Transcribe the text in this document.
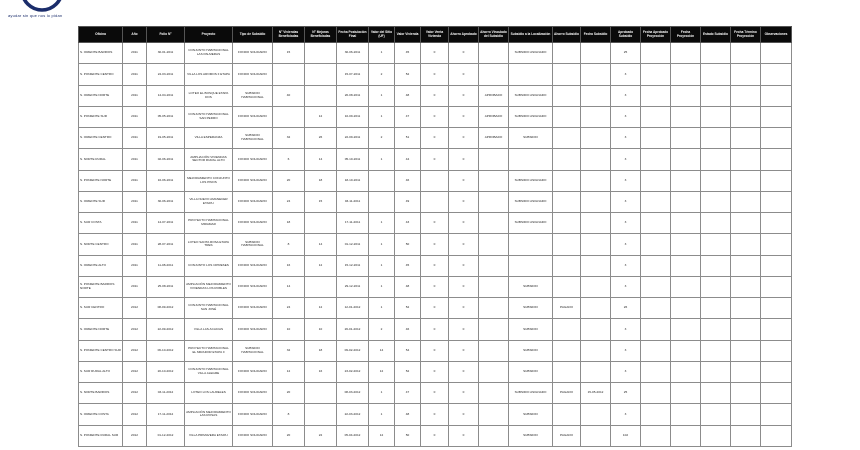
ayudar sin que nos lo pidan
Oficina	Año	Folio N°	Proyecto	Tipo de Subsidio	N° Viviendas Beneficiadas	N° Mejoras Beneficiadas	Fecha Postulación Final	Valor del Sitio (UF)	Valor Vivienda	Valor Venta Vivienda	Ahorro Aprobado	Ahorro Vinculado del Subsidio	Subsidio a la Localización	Ahorro Subsidio	Fecha Subsidio	Aprobado Subsidio	Fecha Aprobado Proyección	Fecha Proyección	Estado Subsidio	Fecha Término Proyección	Observaciones
S. ORIENTE BARRIOS	2011	30-01-2011	CONJUNTO HABITACIONAL LAS PALMERAS	FONDO SOLIDARIO	15		30-06-2011	1	45	0	0		SUBSIDIO ASIGNADO			25					
S. PONIENTE CENTRO	2011	24-03-2011	VILLA LOS AROMOS II ETAPA	FONDO SOLIDARIO			15-07-2011	2	52	0	0					3					
S. ORIENTE NORTE	2011	14-04-2011	LOTEO EL BOSQUE ETAPA DOS	SUBSIDIO HABITACIONAL	40		20-08-2011	1	48	0	0	APROBADO	SUBSIDIO ASIGNADO			3					
S. PONIENTE SUR	2011	05-05-2011	CONJUNTO HABITACIONAL SAN PEDRO	FONDO SOLIDARIO		12	10-09-2011	1	47	0	0	APROBADO	SUBSIDIO ASIGNADO			3					
S. ORIENTE CENTRO	2011	19-05-2011	VILLA ESPERANZA	SUBSIDIO HABITACIONAL	32	26	22-09-2011	2	51	0	0	APROBADO	SUBSIDIO			3					
S. NORTE RURAL	2011	02-06-2011	AMPLIACIÓN VIVIENDAS SECTOR RURAL ALTO	FONDO SOLIDARIO	6	14	05-10-2011	1	44	0	0					3					
S. PONIENTE NORTE	2011	16-06-2011	MEJORAMIENTO CONJUNTO LOS PINOS	FONDO SOLIDARIO	20	18	18-10-2011		46		0		SUBSIDIO ASIGNADO			3					
S. ORIENTE SUR	2011	30-06-2011	VILLA NUEVO AMANECER ETAPA I	FONDO SOLIDARIO	24	15	03-11-2011		49		0		SUBSIDIO ASIGNADO			3					
S. SUR COSTA	2011	14-07-2011	PROYECTO HABITACIONAL MIRAMAR	FONDO SOLIDARIO	18		17-11-2011	1	43	0	0		SUBSIDIO ASIGNADO			3					
S. NORTE CENTRO	2011	28-07-2011	LOTEO SANTA ROSA ETAPA TRES	SUBSIDIO HABITACIONAL	8	14	01-12-2011	1	50	0	0					3					
S. ORIENTE ALTO	2011	11-08-2011	CONJUNTO LOS CIPRESES	FONDO SOLIDARIO	16	12	15-12-2011	1	45	0	0					3					
S. PONIENTE BARRIOS NORTE	2011	25-08-2011	AMPLIACIÓN MEJORAMIENTO VIVIENDAS LOS ROBLES	FONDO SOLIDARIO	14		29-12-2011	1	48	0	0		SUBSIDIO			3					
S. SUR CENTRO	2012	08-09-2012	CONJUNTO HABITACIONAL SAN JOSÉ	FONDO SOLIDARIO	24	12	12-01-2012	1	52	0	0		SUBSIDIO	PAGADO		26					
S. ORIENTE NORTE	2012	22-09-2012	VILLA LAS ACACIAS	FONDO SOLIDARIO	10	10	26-01-2012	2	46	0	0		SUBSIDIO			3					
S. PONIENTE CENTRO SUR	2012	06-10-2012	PROYECTO HABITACIONAL EL MIRADOR ETAPA II	SUBSIDIO HABITACIONAL	32	18	09-02-2012	14	54	0	0		SUBSIDIO			3					
S. SUR RURAL ALTO	2012	20-10-2012	CONJUNTO HABITACIONAL VILLA ALEGRE	FONDO SOLIDARIO	12	16	23-02-2012	12	52	0	0		SUBSIDIO			3					
S. NORTE BARRIOS	2012	03-11-2012	LOTEO LOS LAURELES	FONDO SOLIDARIO	20		08-03-2012	1	47	0	0		SUBSIDIO ASIGNADO	PAGADO	15-05-2012	25					
S. ORIENTE COSTA	2012	17-11-2012	AMPLIACIÓN MEJORAMIENTO LAS ROSAS	FONDO SOLIDARIO	8		22-03-2012	1	48	0	0		SUBSIDIO			3					
S. PONIENTE RURAL SUR	2012	01-12-2012	VILLA PRIMAVERA ETAPA I	FONDO SOLIDARIO	20	22	05-04-2012	12	50	0	0		SUBSIDIO	PAGADO		102					
